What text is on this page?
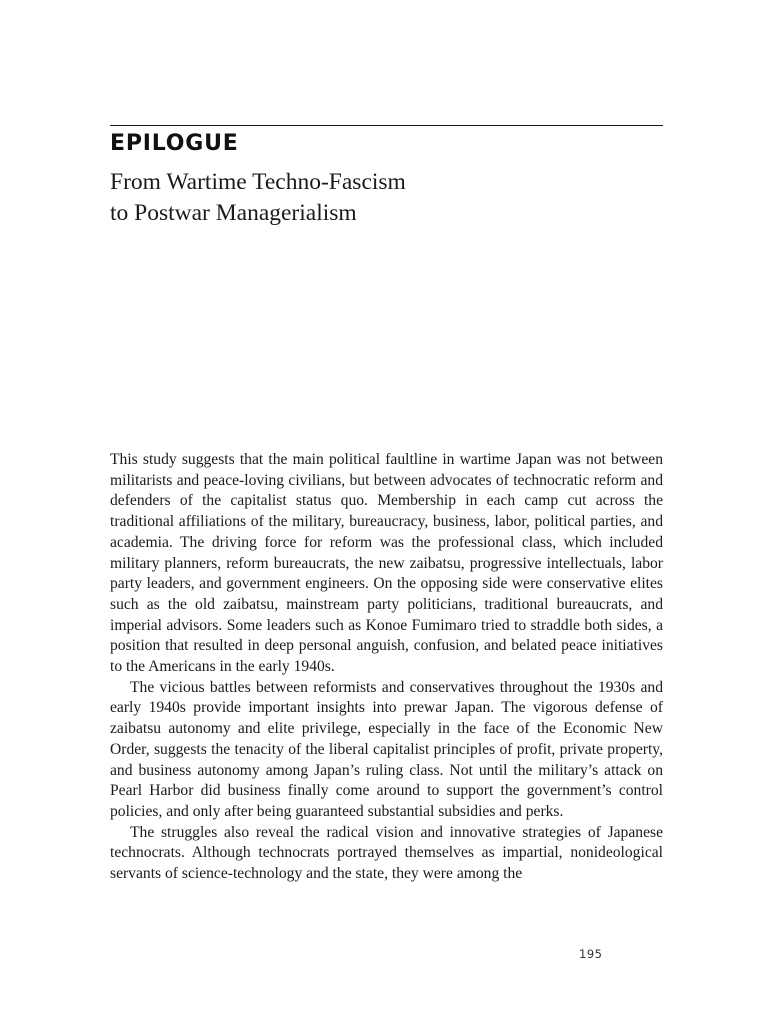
EPILOGUE
From Wartime Techno-Fascism
to Postwar Managerialism

This study suggests that the main political faultline in wartime Japan was not between militarists and peace-loving civilians, but between advocates of technocratic reform and defenders of the capitalist status quo. Membership in each camp cut across the traditional affiliations of the military, bureaucracy, business, labor, political parties, and academia. The driving force for reform was the professional class, which included military planners, reform bureaucrats, the new zaibatsu, progressive intellectuals, labor party leaders, and government engineers. On the opposing side were conservative elites such as the old zaibatsu, mainstream party politicians, traditional bureaucrats, and imperial advisors. Some leaders such as Konoe Fumimaro tried to straddle both sides, a position that resulted in deep personal anguish, confusion, and belated peace initiatives to the Americans in the early 1940s.

The vicious battles between reformists and conservatives throughout the 1930s and early 1940s provide important insights into prewar Japan. The vigorous defense of zaibatsu autonomy and elite privilege, especially in the face of the Economic New Order, suggests the tenacity of the liberal capitalist principles of profit, private property, and business autonomy among Japan’s ruling class. Not until the military’s attack on Pearl Harbor did business finally come around to support the government’s control policies, and only after being guaranteed substantial subsidies and perks.

The struggles also reveal the radical vision and innovative strategies of Japanese technocrats. Although technocrats portrayed themselves as impartial, nonideological servants of science-technology and the state, they were among the

195
